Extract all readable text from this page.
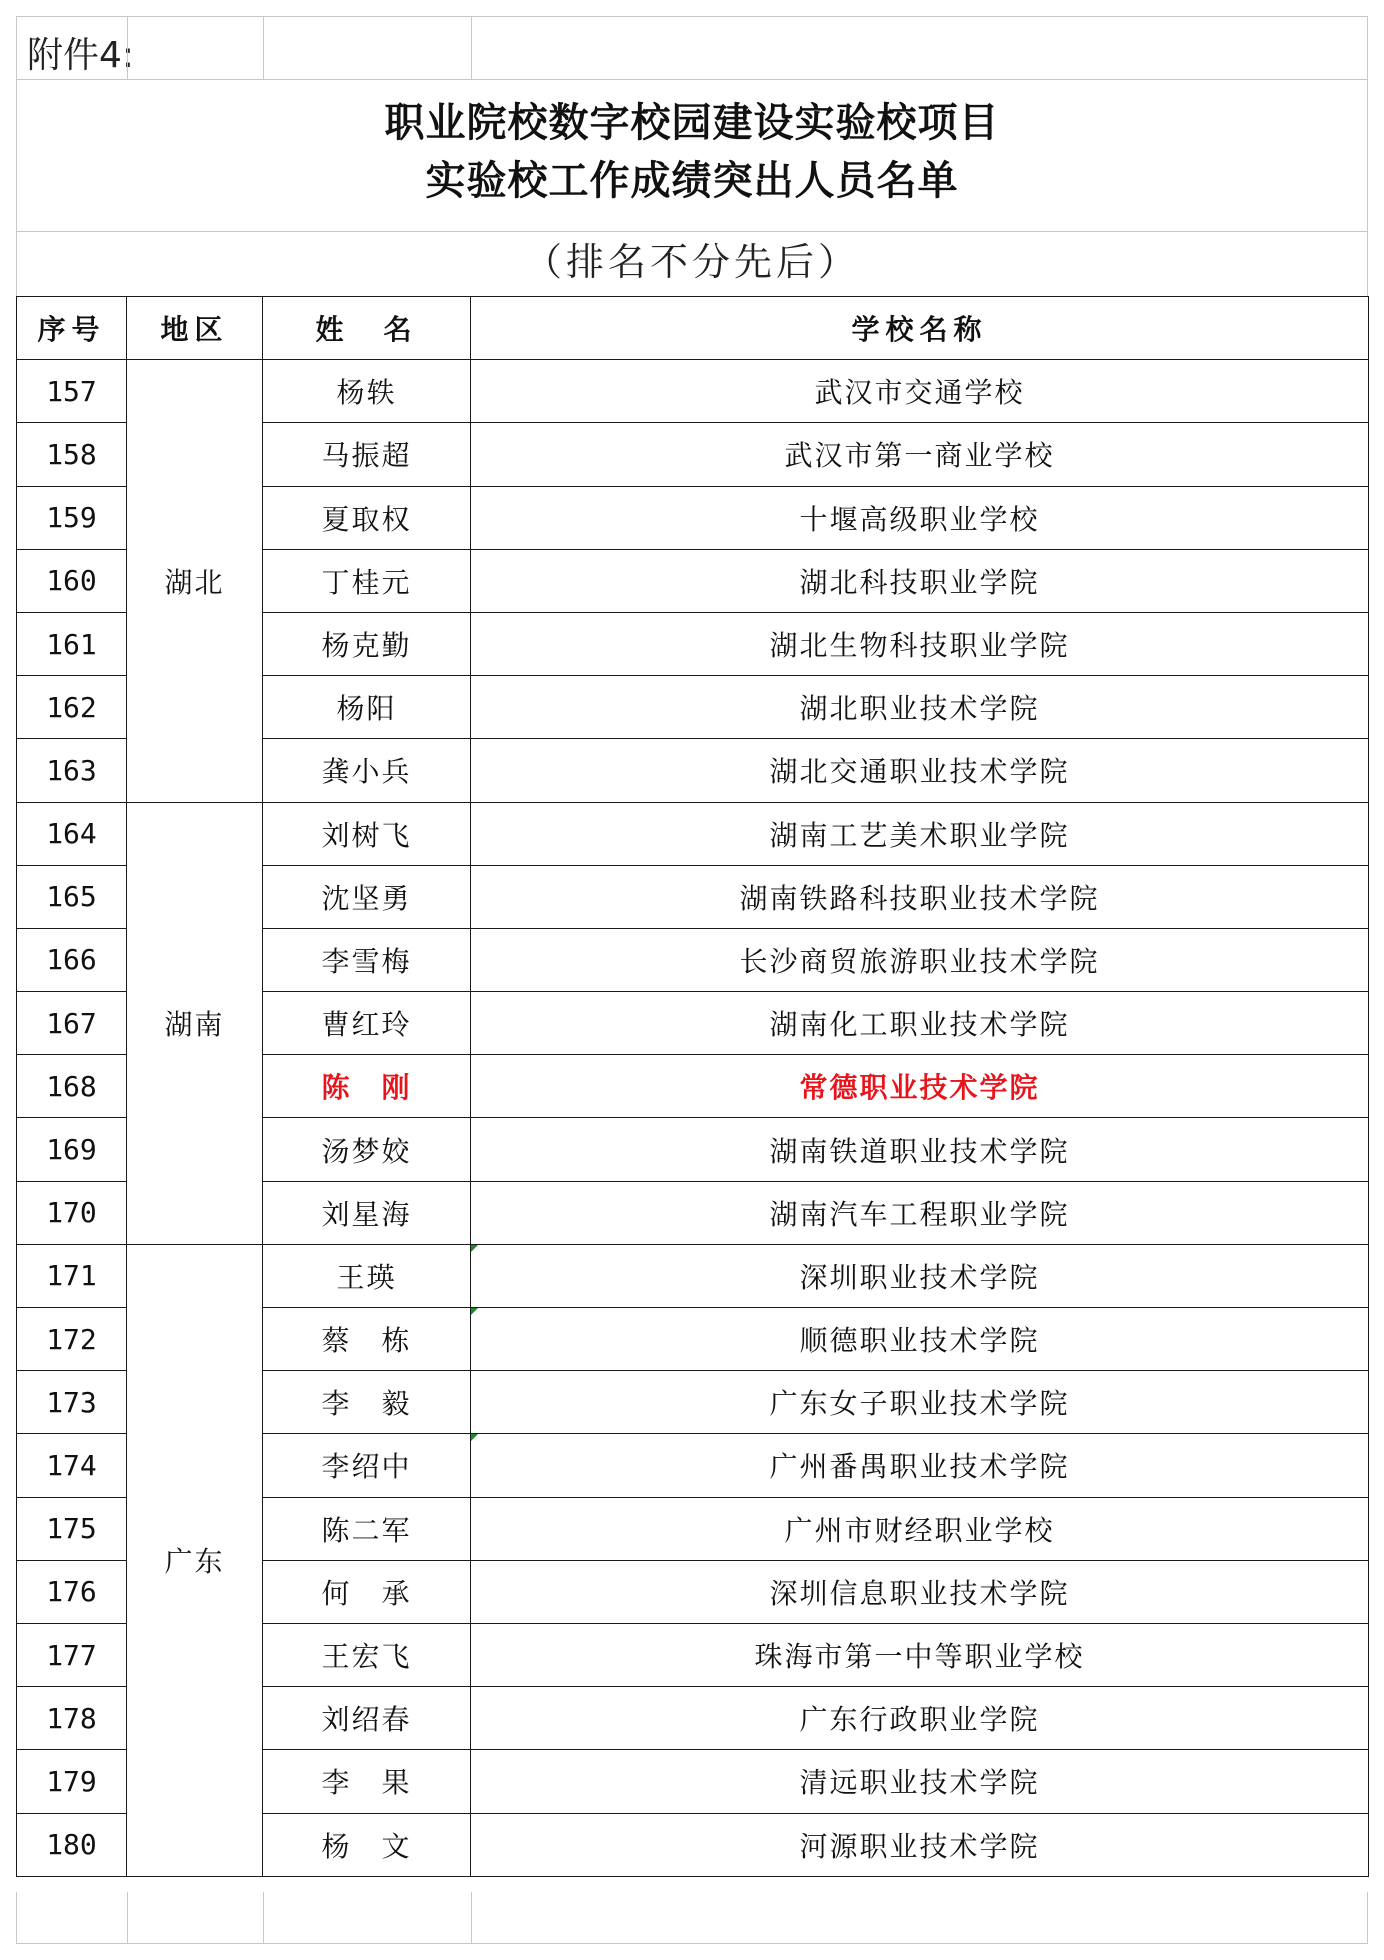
附件4:
职业院校数字校园建设实验校项目
实验校工作成绩突出人员名单
（排名不分先后）
序号	地区	姓　名	学校名称
157	湖北	杨轶	武汉市交通学校
158		马振超	武汉市第一商业学校
159		夏取权	十堰高级职业学校
160		丁桂元	湖北科技职业学院
161		杨克勤	湖北生物科技职业学院
162		杨阳	湖北职业技术学院
163		龚小兵	湖北交通职业技术学院
164	湖南	刘树飞	湖南工艺美术职业学院
165		沈坚勇	湖南铁路科技职业技术学院
166		李雪梅	长沙商贸旅游职业技术学院
167		曹红玲	湖南化工职业技术学院
168		陈　刚	常德职业技术学院
169		汤梦姣	湖南铁道职业技术学院
170		刘星海	湖南汽车工程职业学院
171	广东	王瑛	深圳职业技术学院
172		蔡　栋	顺德职业技术学院
173		李　毅	广东女子职业技术学院
174		李绍中	广州番禺职业技术学院
175		陈二军	广州市财经职业学校
176		何　承	深圳信息职业技术学院
177		王宏飞	珠海市第一中等职业学校
178		刘绍春	广东行政职业学院
179		李　果	清远职业技术学院
180		杨　文	河源职业技术学院
